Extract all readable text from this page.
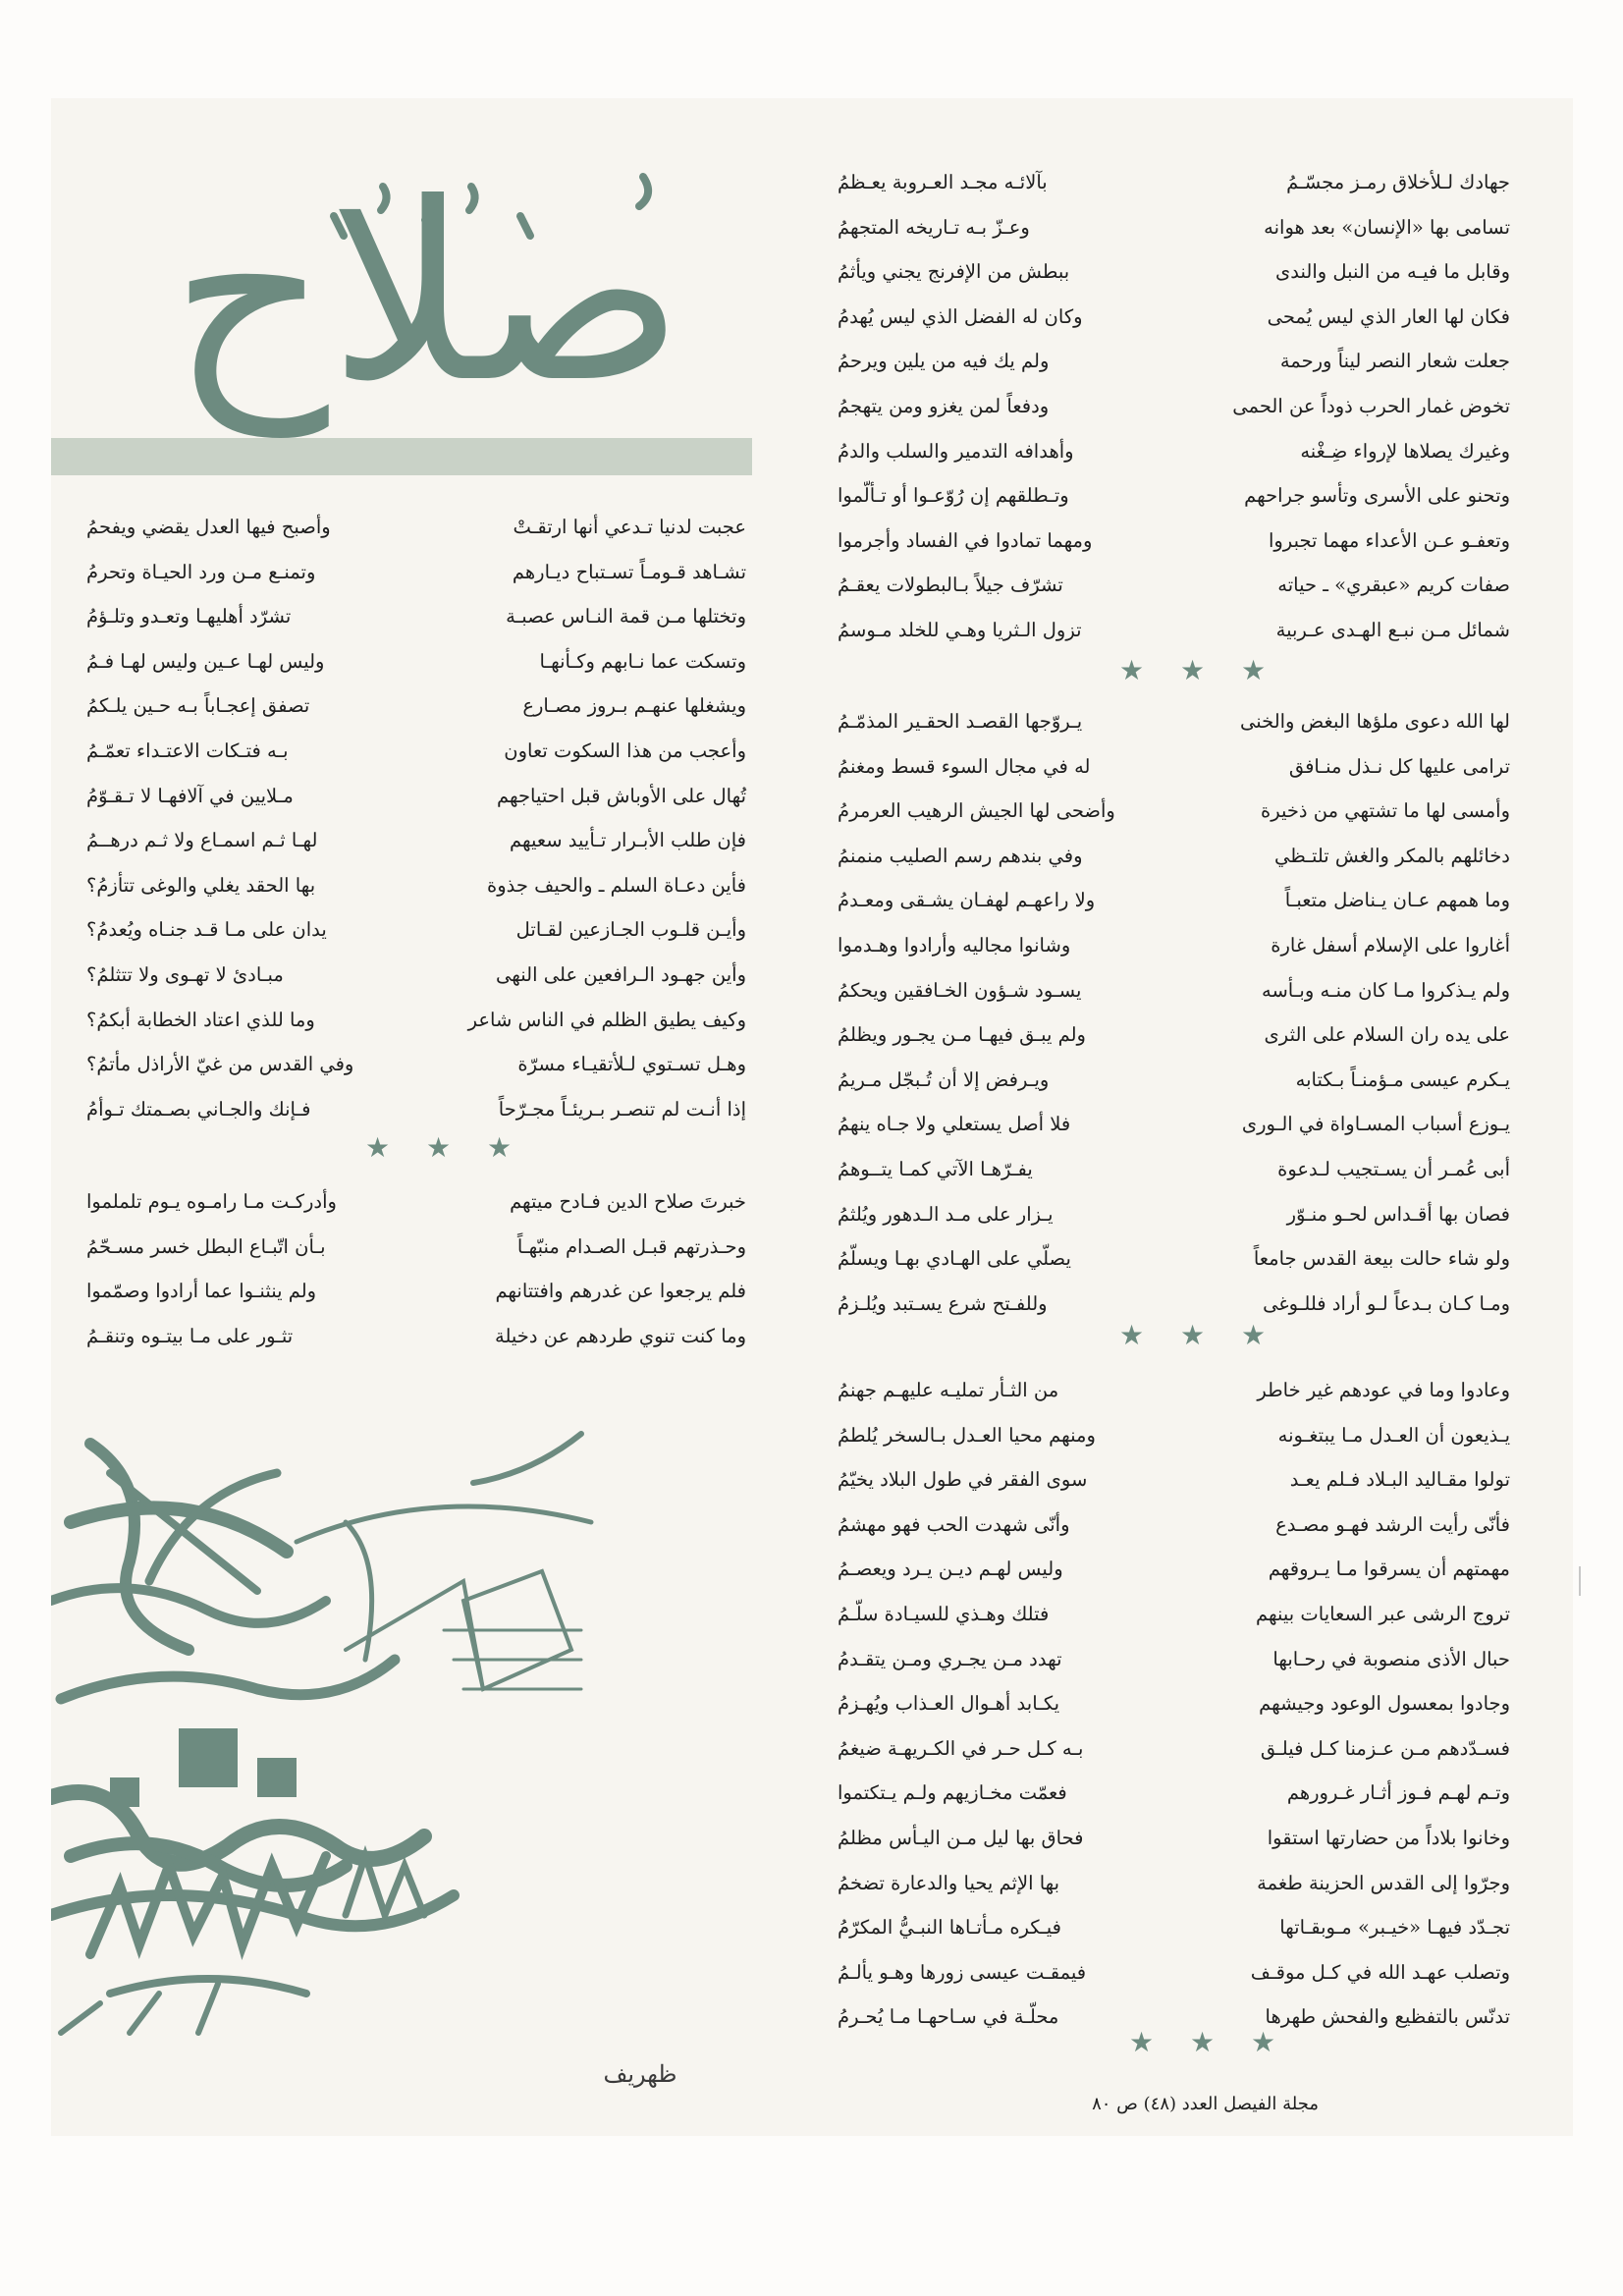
صلاح	جهادك لـلأخلاق رمـز مجسّـمُ
بآلائـه مجـد العـروبة يعـظمُ
تسامى بها «الإنسان» بعد هوانه
وعـزّ بـه تـاريخه المتجهمُ
وقابل ما فيـه من النبل والندى
ببطش من الإفرنج يجني ويأثمُ
فكان لها العار الذي ليس يُمحى
وكان له الفضل الذي ليس يُهدمُ
جعلت شعار النصر ليناً ورحمة
ولم يك فيه من يلين ويرحمُ
تخوض غمار الحرب ذوداً عن الحمى
ودفعاً لمن يغزو ومن يتهجمُ
وغيرك يصلاها لإرواء ضِـغْنه
وأهدافه التدمير والسلب والدمُ
وتحنو على الأسرى وتأسو جراحهم
وتـطلقهم إن رُوّعـوا أو تـألّموا
وتعفـو عـن الأعداء مهما تجبروا
ومهما تمادوا في الفساد وأجرموا
صفات كريم «عبقري» ـ حياته
تشرّف جيلاً بـالبطولات يعقـمُ
شمائل مـن نبـع الهـدى عـربية
تزول الـثريا وهـي للخلد مـوسمُ
★ ★ ★
لها الله دعوى ملؤها البغض والخنى
يـروّجها القصـد الحقـير المذمّـمُ
ترامى عليها كل نـذل منـافق
له في مجال السوء قسط ومغنمُ
وأمسى لها ما تشتهي من ذخيرة
وأضحى لها الجيش الرهيب العرمرمُ
دخائلهم بالمكر والغش تلتـظي
وفي بندهم رسم الصليب منمنمُ
وما همهم عـان يـناضل متعبـاً
ولا راعهـم لهفـان يشـقى ومعـدمُ
أغاروا على الإسلام أسفل غارة
وشانوا مجاليه وأرادوا وهـدموا
ولم يـذكروا مـا كان منـه وبـأسه
يسـود شـؤون الخـافقين ويحكمُ
على يده ران السلام على الثرى
ولم يبـق فيهـا مـن يجـور ويظلمُ
يـكرم عيسى مـؤمنـاً بـكتابه
ويـرفض إلا أن تُـبجّل مـريمُ
يـوزع أسباب المسـاواة في الـورى
فلا أصل يستعلي ولا جـاه ينهمُ
أبى عُمـر أن يسـتجيب لـدعوة
يفـرّهـا الآتي كمـا يتــوهمُ
فصان بها أقـداس لحـو منـوّر
يـزار على مـد الـدهور ويُلثمُ
ولو شاء حالت بيعة القدس جامعاً
يصلّي على الهـادي بهـا ويسلّمُ
ومـا كـان بـدعاً لـو أراد فللـوغى
وللفـتح شرع يسـتبد ويُلـزمُ
★ ★ ★
وعادوا وما في عودهم غير خاطر
من الثـأر تمليـه عليهـم جهنمُ
يـذيعون أن العـدل مـا يبتغـونه
ومنهم محيا العـدل بـالسخر يُلطمُ
تولوا مقـاليد البـلاد فـلم يعـد
سوى الفقر في طول البلاد يخيّمُ
فأنّى رأيت الرشد فهـو مصـدع
وأنّى شهدت الحب فهو مهشمُ
مهمتهم أن يسرقوا مـا يـروقهم
وليس لهـم ديـن يـرد ويعصـمُ
تروج الرشى عبر السعايات بينهم
فتلك وهـذي للسيـادة سلّـمُ
حبال الأذى منصوبة في رحـابها
تهدد مـن يجـري ومـن يتقـدمُ
وجادوا بمعسول الوعود وجيشهم
يكـابد أهـوال العـذاب ويُهـزمُ
فسـدّدهم مـن عـزمنا كـل فيلـق
بـه كـل حـر في الكـريهـة ضيغمُ
وتـم لهـم فـوز أثـار غـرورهم
فعمّت مخـازيهم ولـم يـتكتموا
وخانوا بلاداً من حضارتها استقوا
فحاق بها ليل مـن اليـأس مظلمُ
وجرّوا إلى القدس الحزينة طغمة
بها الإثم يحيا والدعارة تضخمُ
تجـدّد فيهـا «خيـبر» مـوبقـاتها
فيـكره مـأتـاها النبـيُّ المكرّمُ
وتصلب عهـد الله في كـل موقـف
فيمقـت عيسى زورها وهـو يألـمُ
تدنّس بالتفظيع والفحش طهرها
محلّـة في سـاحهـا مـا يُحـرمُ
★ ★ ★
عجبت لدنيا تـدعي أنها ارتقـتْ
وأصبح فيها العدل يقضي ويفحمُ
تشـاهد قـومـاً تسـتباح ديـارهم
وتمنـع مـن ورد الحيـاة وتحرمُ
وتختلها مـن قمة النـاس عصبـة
تشرّد أهليهـا وتعـدو وتلـؤمُ
وتسكت عما نـابهم وكـأنهـا
وليس لهـا عـين وليس لهـا فـمُ
ويشغلها عنهـم بـروز مصـارع
تصفق إعجـاباً بـه حـين يلـكمُ
وأعجب من هذا السكوت تعاون
بـه فتـكات الاعتـداء تعمّـمُ
تُهال على الأوباش قبل احتياجهم
مـلايين في آلافهـا لا تـقـوّمُ
فإن طلب الأبـرار تـأييد سعيهم
لهـا ثـم اسمـاع ولا ثـم درهــمُ
فأين دعـاة السلم ـ والحيف جذوة
بها الحقد يغلي والوغى تتأزمُ؟
وأيـن قلـوب الجـازعين لقـاتل
يدان على مـا قـد جنـاه ويُعدمُ؟
وأين جهـود الـرافعين على النهى
مبـادئ لا تهـوى ولا تتثلمُ؟
وكيف يطيق الظلم في الناس شاعر
وما للذي اعتاد الخطابة أبكمُ؟
وهـل تسـتوي لـلأتقيـاء مسرّة
وفي القدس من غيّ الأراذل مأتمُ؟
إذا أنـت لم تنصـر بـريئـاً مجـرّحاً
فـإنك والجـاني بصـمتك تـوأمُ
★ ★ ★
خبرتَ صلاح الدين فـادح ميتهم
وأدركـت مـا رامـوه يـوم تلملموا
وحـذرتهم قبـل الصـدام منبّهـاً
بـأن اتّبـاع البطل خسر مسـحّمُ
فلم يرجعوا عن غدرهم وافتتانهم
ولم ينثنـوا عما أرادوا وصمّموا
وما كنت تنوي طردهم عن دخيلة
تثـور على مـا بيتـوه وتنقـمُ
ظهريف
مجلة الفيصل العدد (٤٨) ص ٨٠
